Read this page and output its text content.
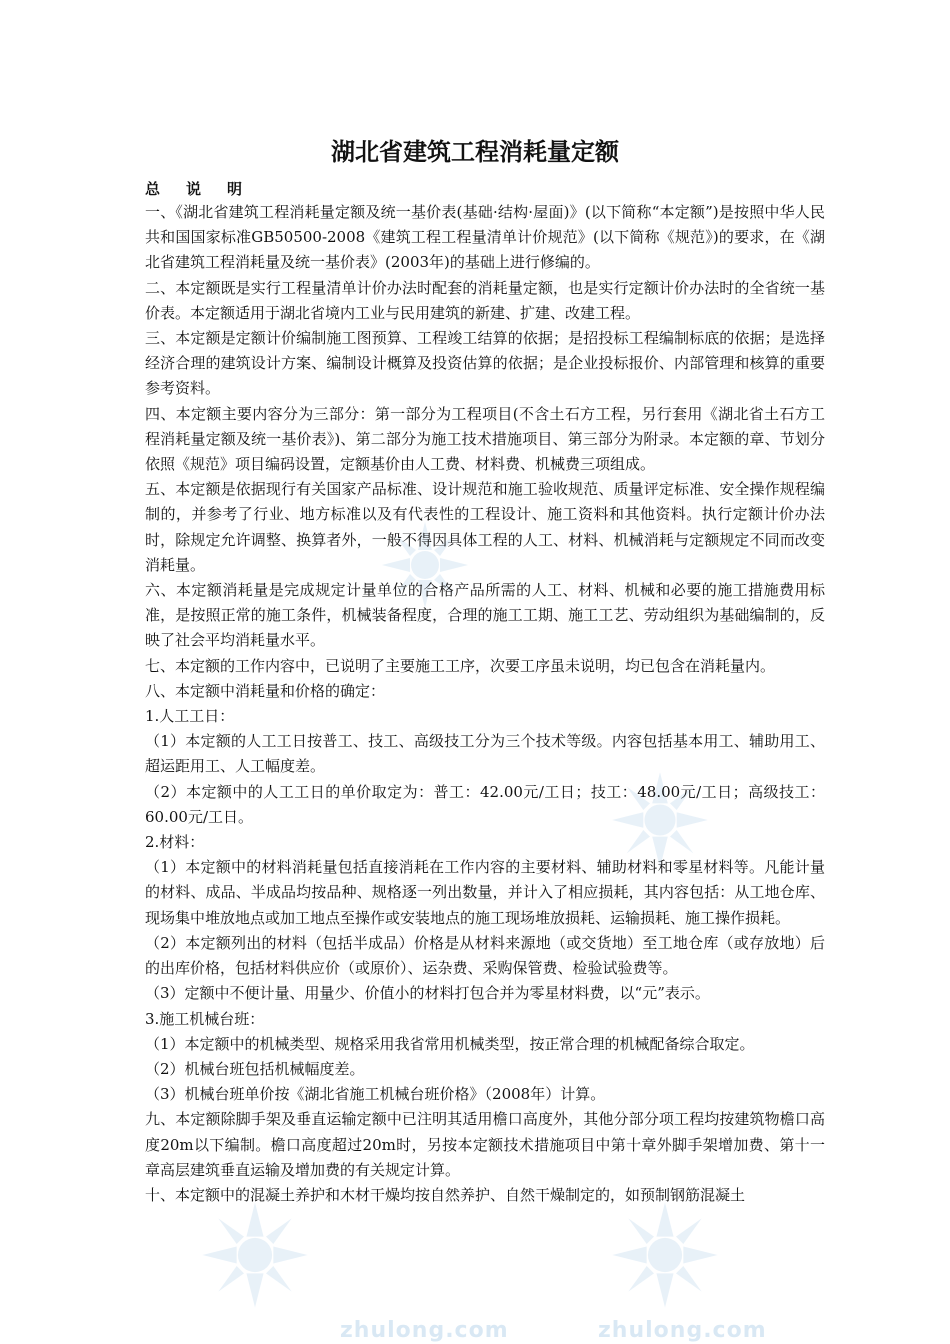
zhulong.com	zhulong.com
湖北省建筑工程消耗量定额
总说明

一、《湖北省建筑工程消耗量定额及统一基价表(基础·结构·屋面)》(以下简称“本定额”)是按照中华人民共和国国家标准GB50500-2008《建筑工程工程量清单计价规范》(以下简称《规范》)的要求，在《湖北省建筑工程消耗量及统一基价表》(2003年)的基础上进行修编的。

二、本定额既是实行工程量清单计价办法时配套的消耗量定额，也是实行定额计价办法时的全省统一基价表。本定额适用于湖北省境内工业与民用建筑的新建、扩建、改建工程。

三、本定额是定额计价编制施工图预算、工程竣工结算的依据；是招投标工程编制标底的依据；是选择经济合理的建筑设计方案、编制设计概算及投资估算的依据；是企业投标报价、内部管理和核算的重要参考资料。

四、本定额主要内容分为三部分：第一部分为工程项目(不含土石方工程，另行套用《湖北省土石方工程消耗量定额及统一基价表》)、第二部分为施工技术措施项目、第三部分为附录。本定额的章、节划分依照《规范》项目编码设置，定额基价由人工费、材料费、机械费三项组成。

五、本定额是依据现行有关国家产品标准、设计规范和施工验收规范、质量评定标准、安全操作规程编制的，并参考了行业、地方标准以及有代表性的工程设计、施工资料和其他资料。执行定额计价办法时，除规定允许调整、换算者外，一般不得因具体工程的人工、材料、机械消耗与定额规定不同而改变消耗量。

六、本定额消耗量是完成规定计量单位的合格产品所需的人工、材料、机械和必要的施工措施费用标准，是按照正常的施工条件，机械装备程度，合理的施工工期、施工工艺、劳动组织为基础编制的，反映了社会平均消耗量水平。

七、本定额的工作内容中，已说明了主要施工工序，次要工序虽未说明，均已包含在消耗量内。

八、本定额中消耗量和价格的确定：

1.人工工日：

（1）本定额的人工工日按普工、技工、高级技工分为三个技术等级。内容包括基本用工、辅助用工、超运距用工、人工幅度差。

（2）本定额中的人工工日的单价取定为：普工：42.00元/工日；技工：48.00元/工日；高级技工：60.00元/工日。

2.材料：

（1）本定额中的材料消耗量包括直接消耗在工作内容的主要材料、辅助材料和零星材料等。凡能计量的材料、成品、半成品均按品种、规格逐一列出数量，并计入了相应损耗，其内容包括：从工地仓库、现场集中堆放地点或加工地点至操作或安装地点的施工现场堆放损耗、运输损耗、施工操作损耗。

（2）本定额列出的材料（包括半成品）价格是从材料来源地（或交货地）至工地仓库（或存放地）后的出库价格，包括材料供应价（或原价）、运杂费、采购保管费、检验试验费等。

（3）定额中不便计量、用量少、价值小的材料打包合并为零星材料费，以“元”表示。

3.施工机械台班：

（1）本定额中的机械类型、规格采用我省常用机械类型，按正常合理的机械配备综合取定。

（2）机械台班包括机械幅度差。

（3）机械台班单价按《湖北省施工机械台班价格》（2008年）计算。

九、本定额除脚手架及垂直运输定额中已注明其适用檐口高度外，其他分部分项工程均按建筑物檐口高度20m以下编制。檐口高度超过20m时，另按本定额技术措施项目中第十章外脚手架增加费、第十一章高层建筑垂直运输及增加费的有关规定计算。

十、本定额中的混凝土养护和木材干燥均按自然养护、自然干燥制定的，如预制钢筋混凝土
